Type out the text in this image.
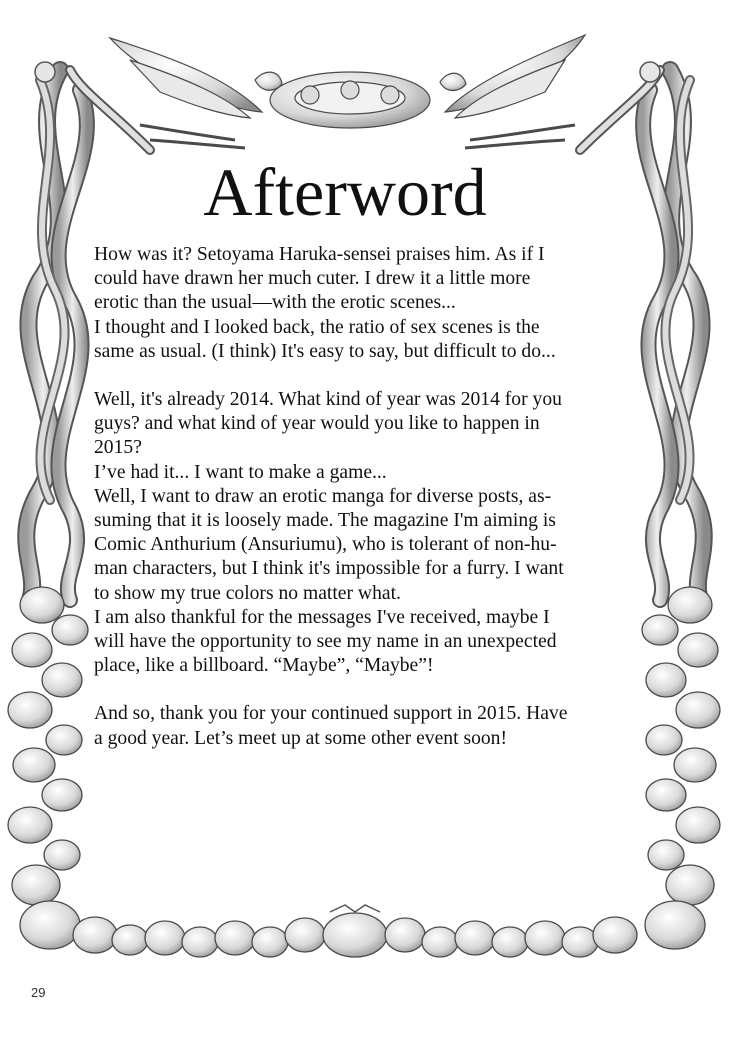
Afterword

How was it? Setoyama Haruka-sensei praises him. As if I
could have drawn her much cuter. I drew it a little more
erotic than the usual—with the erotic scenes...
I thought and I looked back, the ratio of sex scenes is the
same as usual. (I think) It's easy to say, but difficult to do...

Well, it's already 2014. What kind of year was 2014 for you
guys? and what kind of year would you like to happen in
2015?
I’ve had it... I want to make a game...
Well, I want to draw an erotic manga for diverse posts, as-
suming that it is loosely made. The magazine I'm aiming is
Comic Anthurium (Ansuriumu), who is tolerant of non-hu-
man characters, but I think it's impossible for a furry. I want
to show my true colors no matter what.
I am also thankful for the messages I've received, maybe I
will have the opportunity to see my name in an unexpected
place, like a billboard. “Maybe”, “Maybe”!

And so, thank you for your continued support in 2015. Have
a good year. Let’s meet up at some other event soon!

29
